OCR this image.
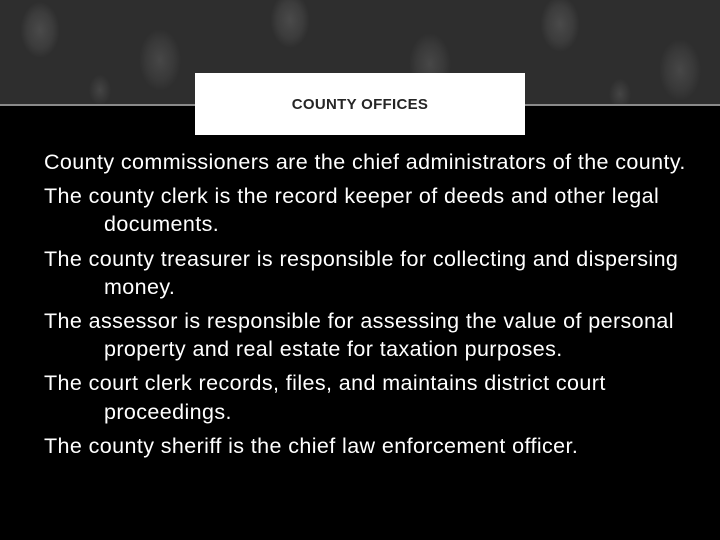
COUNTY OFFICES
County commissioners are the chief administrators of the county.
The county clerk is the record keeper of deeds and other legal documents.
The county treasurer is responsible for collecting and dispersing money.
The assessor is responsible for assessing the value of personal property and real estate for taxation purposes.
The court clerk records, files, and maintains district court proceedings.
The county sheriff is the chief law enforcement officer.
